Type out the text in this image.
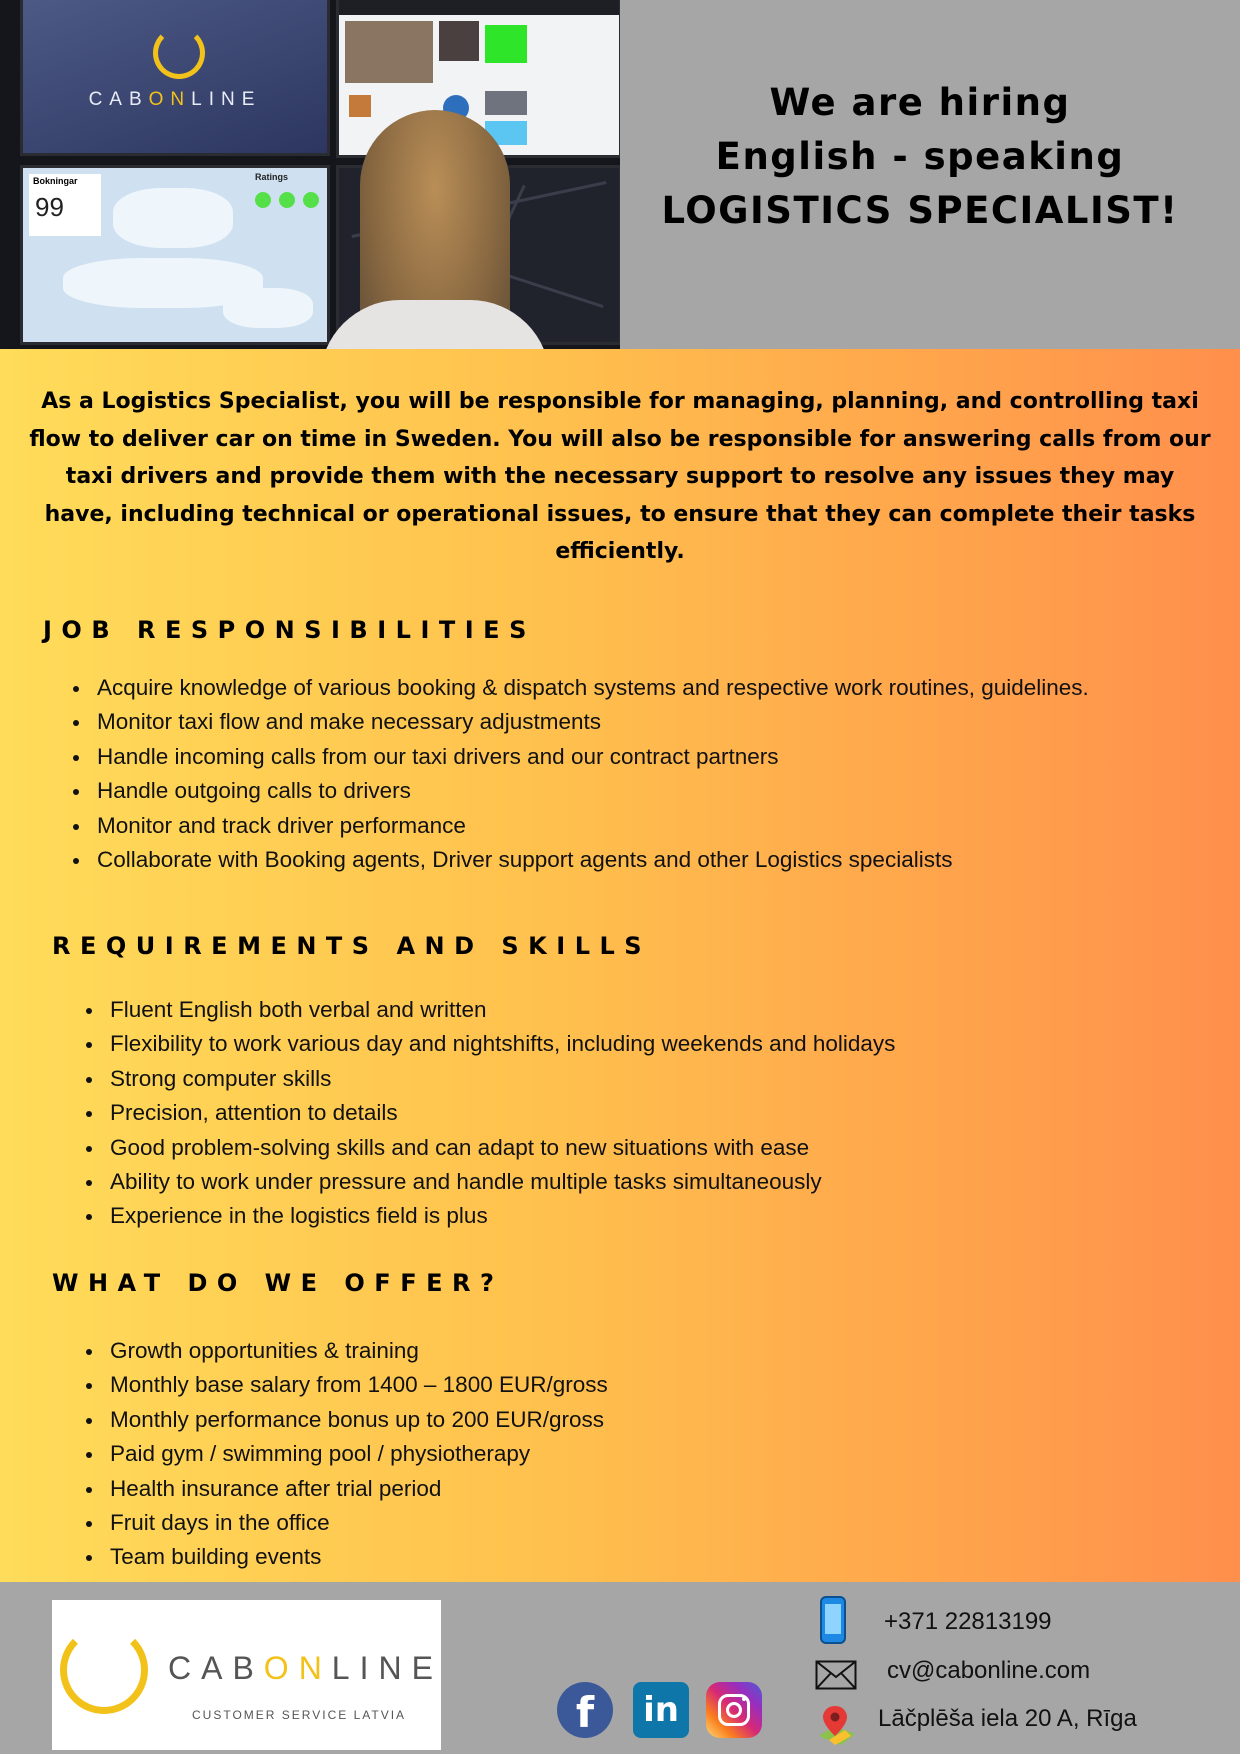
CABONLINE
Bokningar
99
Ratings
We are hiring
English - speaking
LOGISTICS SPECIALIST!

As a Logistics Specialist, you will be responsible for managing, planning, and controlling taxi flow to deliver car on time in Sweden. You will also be responsible for answering calls from our taxi drivers and provide them with the necessary support to resolve any issues they may have, including technical or operational issues, to ensure that they can complete their tasks efficiently.

JOB RESPONSIBILITIES
Acquire knowledge of various booking & dispatch systems and respective work routines, guidelines.
Monitor taxi flow and make necessary adjustments
Handle incoming calls from our taxi drivers and our contract partners
Handle outgoing calls to drivers
Monitor and track driver performance
Collaborate with Booking agents, Driver support agents and other Logistics specialists
REQUIREMENTS AND SKILLS
Fluent English both verbal and written
Flexibility to work various day and nightshifts, including weekends and holidays
Strong computer skills
Precision, attention to details
Good problem-solving skills and can adapt to new situations with ease
Ability to work under pressure and handle multiple tasks simultaneously
Experience in the logistics field is plus
WHAT DO WE OFFER?
Growth opportunities & training
Monthly base salary from 1400 – 1800 EUR/gross
Monthly performance bonus up to 200 EUR/gross
Paid gym / swimming pool / physiotherapy
Health insurance after trial period
Fruit days in the office
Team building events
CABONLINE
CUSTOMER SERVICE LATVIA	f	in
+371 22813199
cv@cabonline.com
Lāčplēša iela 20 A, Rīga
